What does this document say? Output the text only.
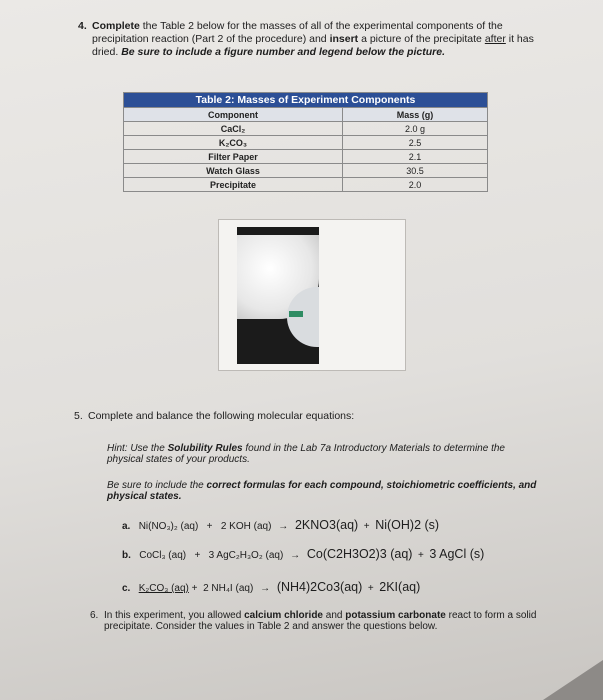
4. Complete the Table 2 below for the masses of all of the experimental components of the precipitation reaction (Part 2 of the procedure) and insert a picture of the precipitate after it has dried. Be sure to include a figure number and legend below the picture.
Table 2: Masses of Experiment Components	
Component	Mass (g)
CaCl₂	2.0 g
K₂CO₃	2.5
Filter Paper	2.1
Watch Glass	30.5
Precipitate	2.0
5. Complete and balance the following molecular equations:
Hint: Use the Solubility Rules found in the Lab 7a Introductory Materials to determine the physical states of your products.
Be sure to include the correct formulas for each compound, stoichiometric coefficients, and physical states.
a. Ni(NO₃)₂ (aq) + 2 KOH (aq) → 2KNO3(aq) + Ni(OH)2 (s)
b. CoCl₃ (aq) + 3 AgC₂H₃O₂ (aq) → Co(C2H3O2)3 (aq) + 3 AgCl (s)
c. K₂CO₃ (aq) + 2 NH₄I (aq) → (NH4)2Co3(aq) + 2KI(aq)
6. In this experiment, you allowed calcium chloride and potassium carbonate react to form a solid precipitate. Consider the values in Table 2 and answer the questions below.
